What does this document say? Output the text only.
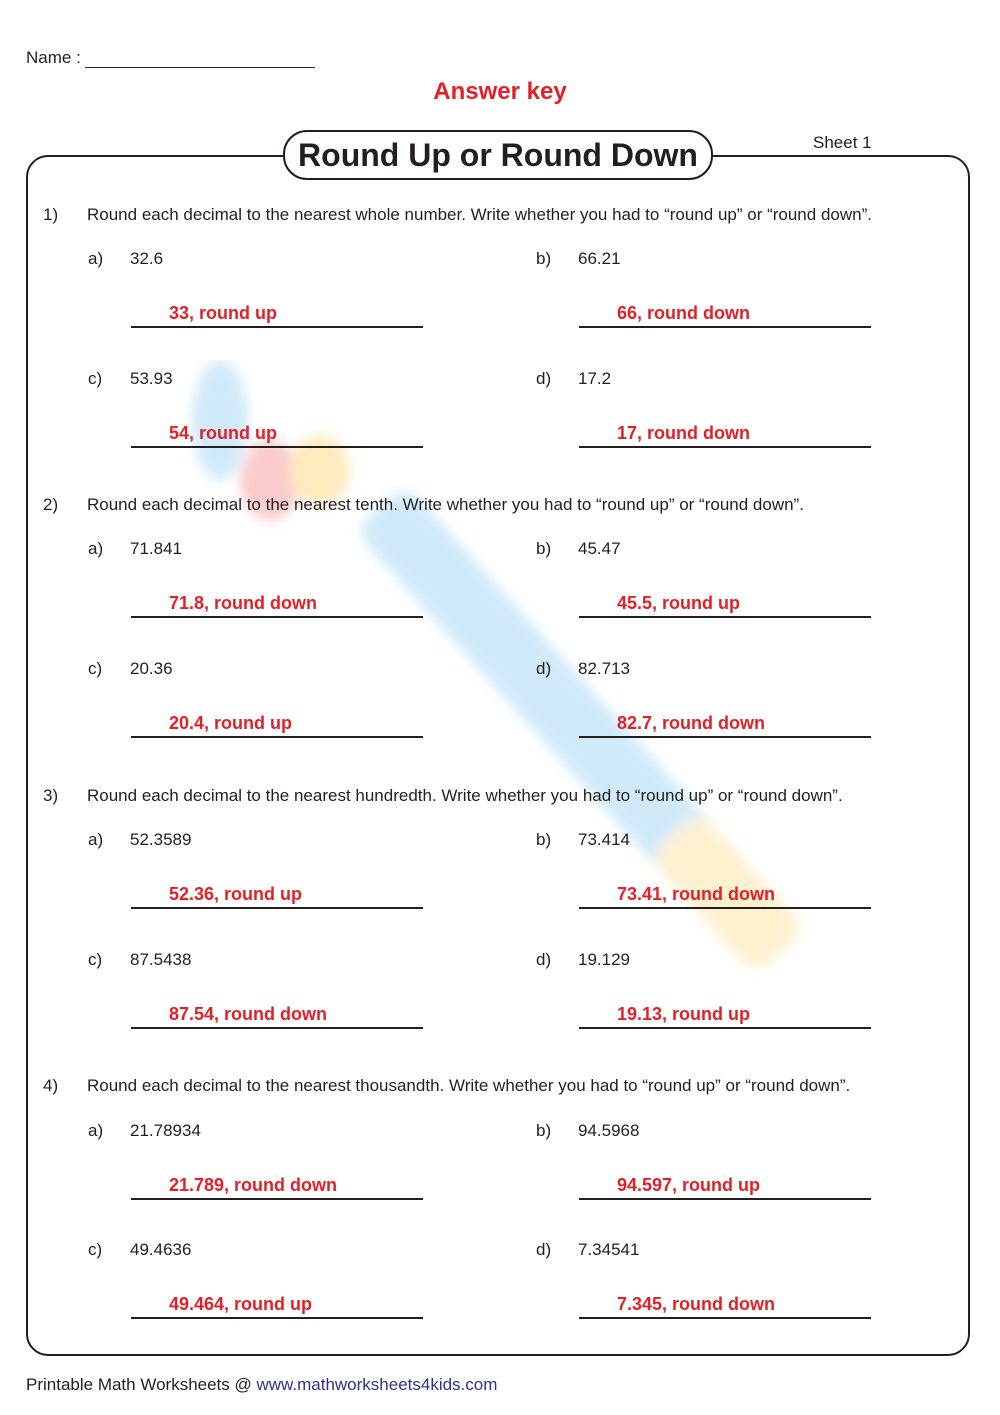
Name :
Answer key
Round Up or Round Down	Sheet 1
1) Round each decimal to the nearest whole number. Write whether you had to “round up” or “round down”.
a) 32.6
33, round up
b) 66.21
66, round down
c) 53.93
54, round up
d) 17.2
17, round down
2) Round each decimal to the nearest tenth. Write whether you had to “round up” or “round down”.
a) 71.841
71.8, round down
b) 45.47
45.5, round up
c) 20.36
20.4, round up
d) 82.713
82.7, round down
3) Round each decimal to the nearest hundredth. Write whether you had to “round up” or “round down”.
a) 52.3589
52.36, round up
b) 73.414
73.41, round down
c) 87.5438
87.54, round down
d) 19.129
19.13, round up
4) Round each decimal to the nearest thousandth. Write whether you had to “round up” or “round down”.
a) 21.78934
21.789, round down
b) 94.5968
94.597, round up
c) 49.4636
49.464, round up
d) 7.34541
7.345, round down
Printable Math Worksheets @ www.mathworksheets4kids.com
